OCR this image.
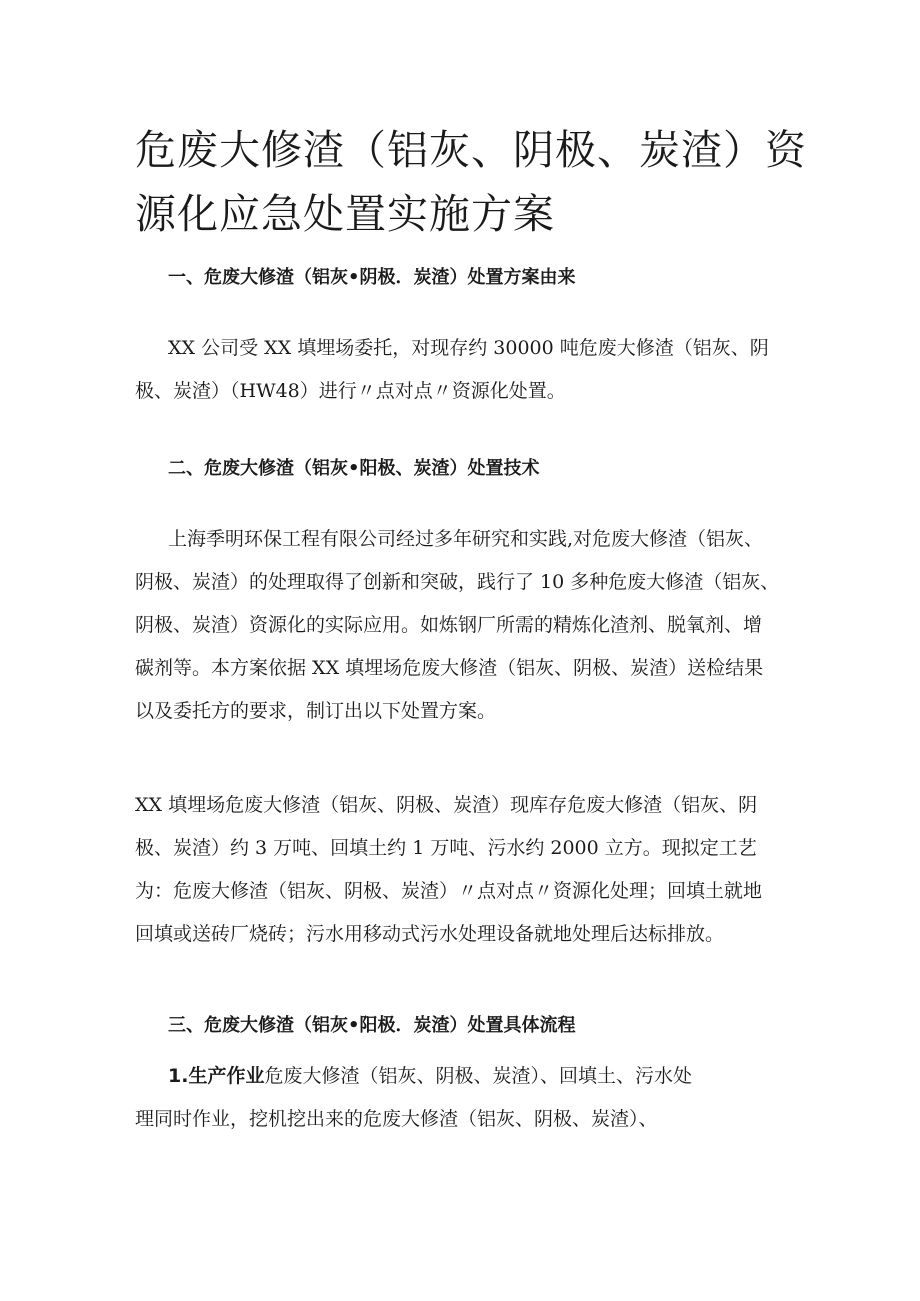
危废大修渣（铝灰、阴极、炭渣）资
源化应急处置实施方案

一、危废大修渣（铝灰•阴极．炭渣）处置方案由来

XX 公司受 XX 填埋场委托，对现存约 30000 吨危废大修渣（铝灰、阴
极、炭渣）（HW48）进行〃点对点〃资源化处置。

二、危废大修渣（铝灰•阳极、炭渣）处置技术

上海季明环保工程有限公司经过多年研究和实践,对危废大修渣（铝灰、
阴极、炭渣）的处理取得了创新和突破，践行了 10 多种危废大修渣（铝灰、
阴极、炭渣）资源化的实际应用。如炼钢厂所需的精炼化渣剂、脱氧剂、增
碳剂等。本方案依据 XX 填埋场危废大修渣（铝灰、阴极、炭渣）送检结果
以及委托方的要求，制订出以下处置方案。

XX 填埋场危废大修渣（铝灰、阴极、炭渣）现库存危废大修渣（铝灰、阴
极、炭渣）约 3 万吨、回填土约 1 万吨、污水约 2000 立方。现拟定工艺
为：危废大修渣（铝灰、阴极、炭渣）〃点对点〃资源化处理；回填土就地
回填或送砖厂烧砖；污水用移动式污水处理设备就地处理后达标排放。

三、危废大修渣（铝灰•阳极．炭渣）处置具体流程

1.生产作业危废大修渣（铝灰、阴极、炭渣）、回填土、污水处
理同时作业，挖机挖出来的危废大修渣（铝灰、阴极、炭渣）、
